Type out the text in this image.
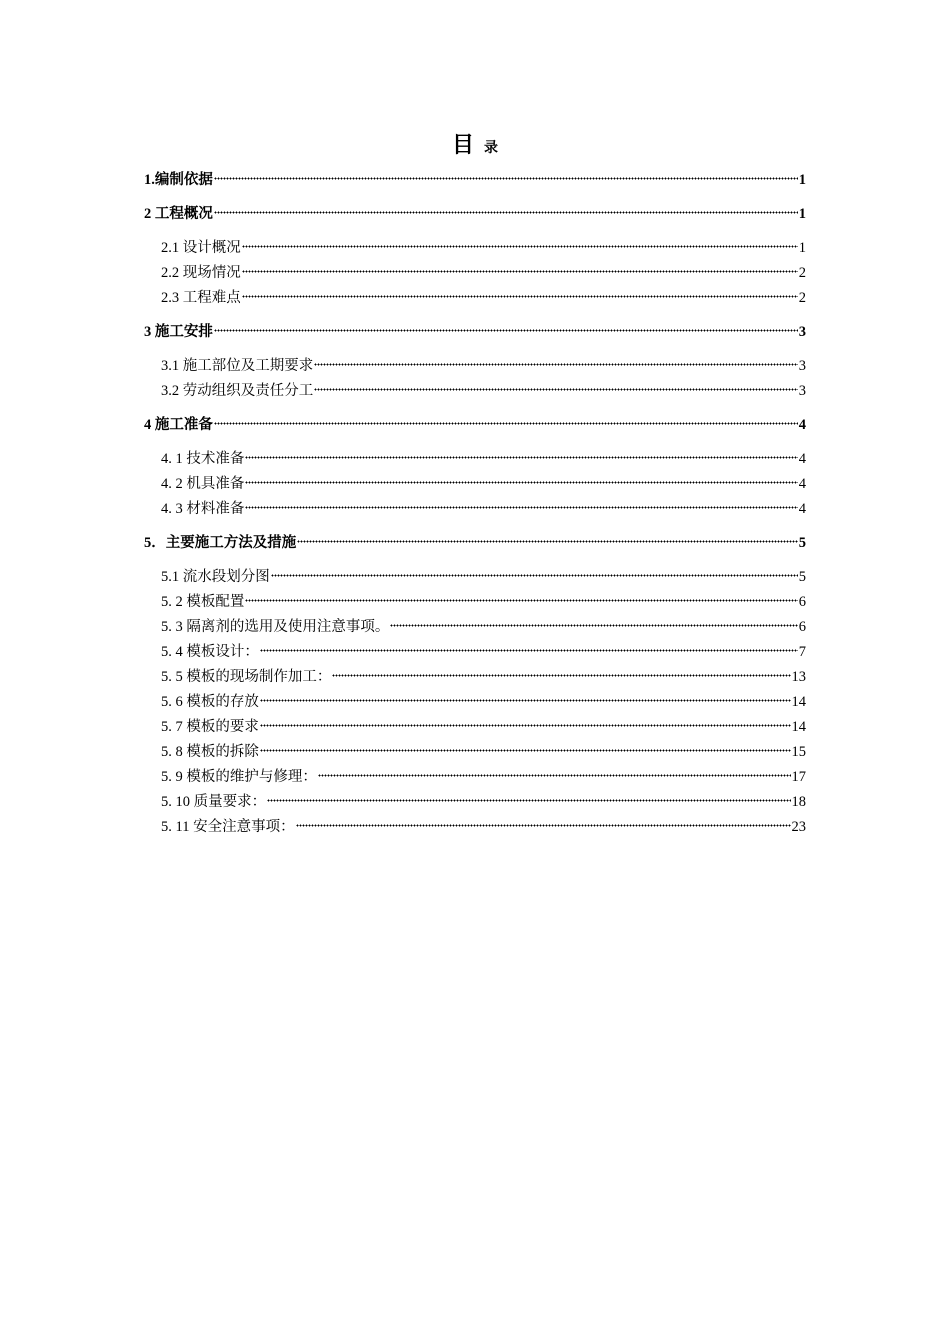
目录
1.编制依据	1
2 工程概况	1
2.1 设计概况	1
2.2 现场情况	2
2.3 工程难点	2
3 施工安排	3
3.1 施工部位及工期要求	3
3.2 劳动组织及责任分工	3
4 施工准备	4
4. 1 技术准备	4
4. 2 机具准备	4
4. 3 材料准备	4
5．主要施工方法及措施	5
5.1 流水段划分图	5
5. 2 模板配置	6
5. 3 隔离剂的选用及使用注意事项。	6
5. 4 模板设计：	7
5. 5 模板的现场制作加工：	13
5. 6 模板的存放	14
5. 7 模板的要求	14
5. 8 模板的拆除	15
5. 9 模板的维护与修理：	17
5. 10 质量要求：	18
5. 11 安全注意事项：	23
